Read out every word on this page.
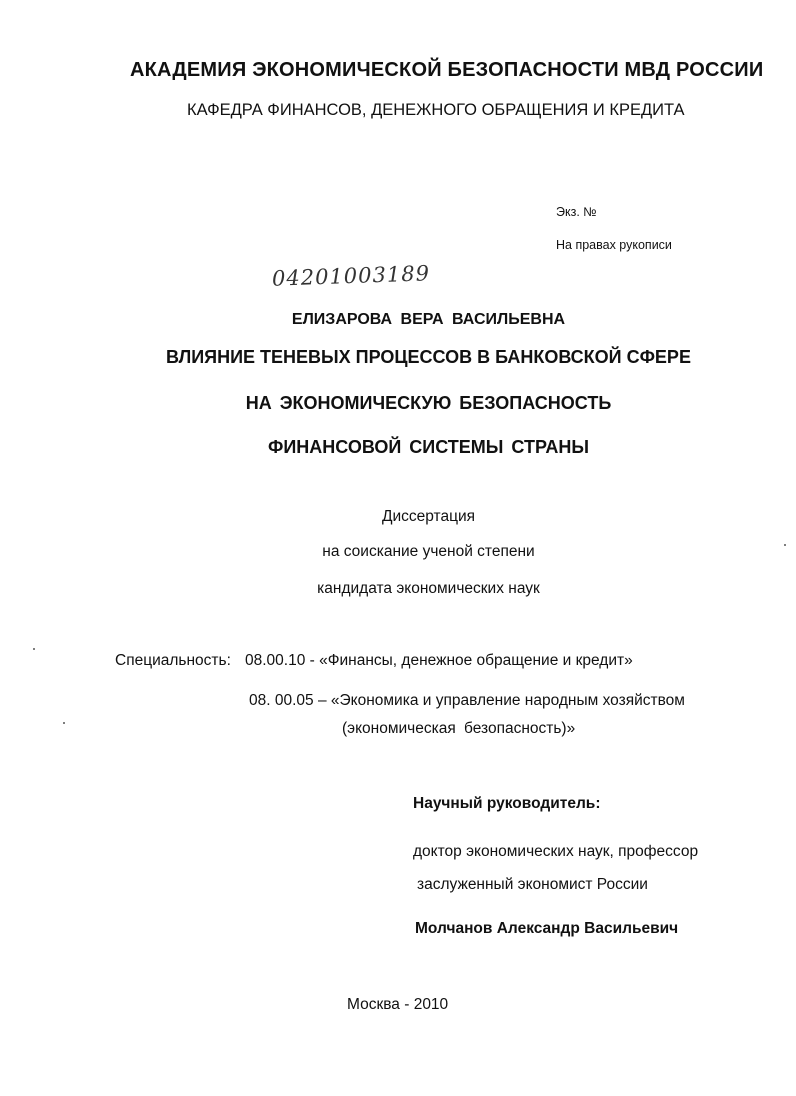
АКАДЕМИЯ ЭКОНОМИЧЕСКОЙ БЕЗОПАСНОСТИ МВД РОССИИ
КАФЕДРА ФИНАНСОВ, ДЕНЕЖНОГО ОБРАЩЕНИЯ И КРЕДИТА
Экз. №
На правах рукописи
04201003189
ЕЛИЗАРОВА ВЕРА ВАСИЛЬЕВНА
ВЛИЯНИЕ ТЕНЕВЫХ ПРОЦЕССОВ В БАНКОВСКОЙ СФЕРЕ
НА ЭКОНОМИЧЕСКУЮ БЕЗОПАСНОСТЬ
ФИНАНСОВОЙ СИСТЕМЫ СТРАНЫ
Диссертация
на соискание ученой степени
кандидата экономических наук
Специальность: 08.00.10 - «Финансы, денежное обращение и кредит»
08. 00.05 – «Экономика и управление народным хозяйством
(экономическая безопасность)»
Научный руководитель:
доктор экономических наук, профессор
заслуженный экономист России
Молчанов Александр Васильевич
Москва - 2010
